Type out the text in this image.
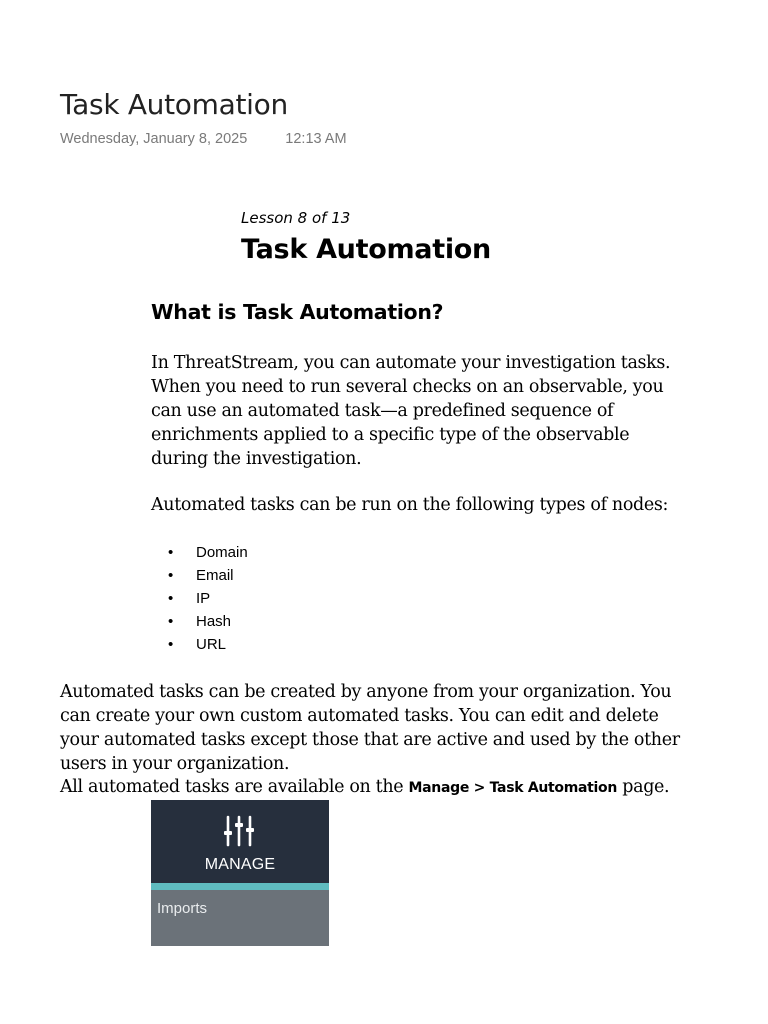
Task Automation
Wednesday, January 8, 2025	12:13 AM
Lesson 8 of 13
Task Automation
What is Task Automation?

In ThreatStream, you can automate your investigation tasks.
When you need to run several checks on an observable, you
can use an automated task—a predefined sequence of
enrichments applied to a specific type of the observable
during the investigation.

Automated tasks can be run on the following types of nodes:

•	Domain
•	Email
•	IP
•	Hash
•	URL

Automated tasks can be created by anyone from your organization. You
can create your own custom automated tasks. You can edit and delete
your automated tasks except those that are active and used by the other
users in your organization.

All automated tasks are available on the Manage > Task Automation page.

MANAGE
Imports
